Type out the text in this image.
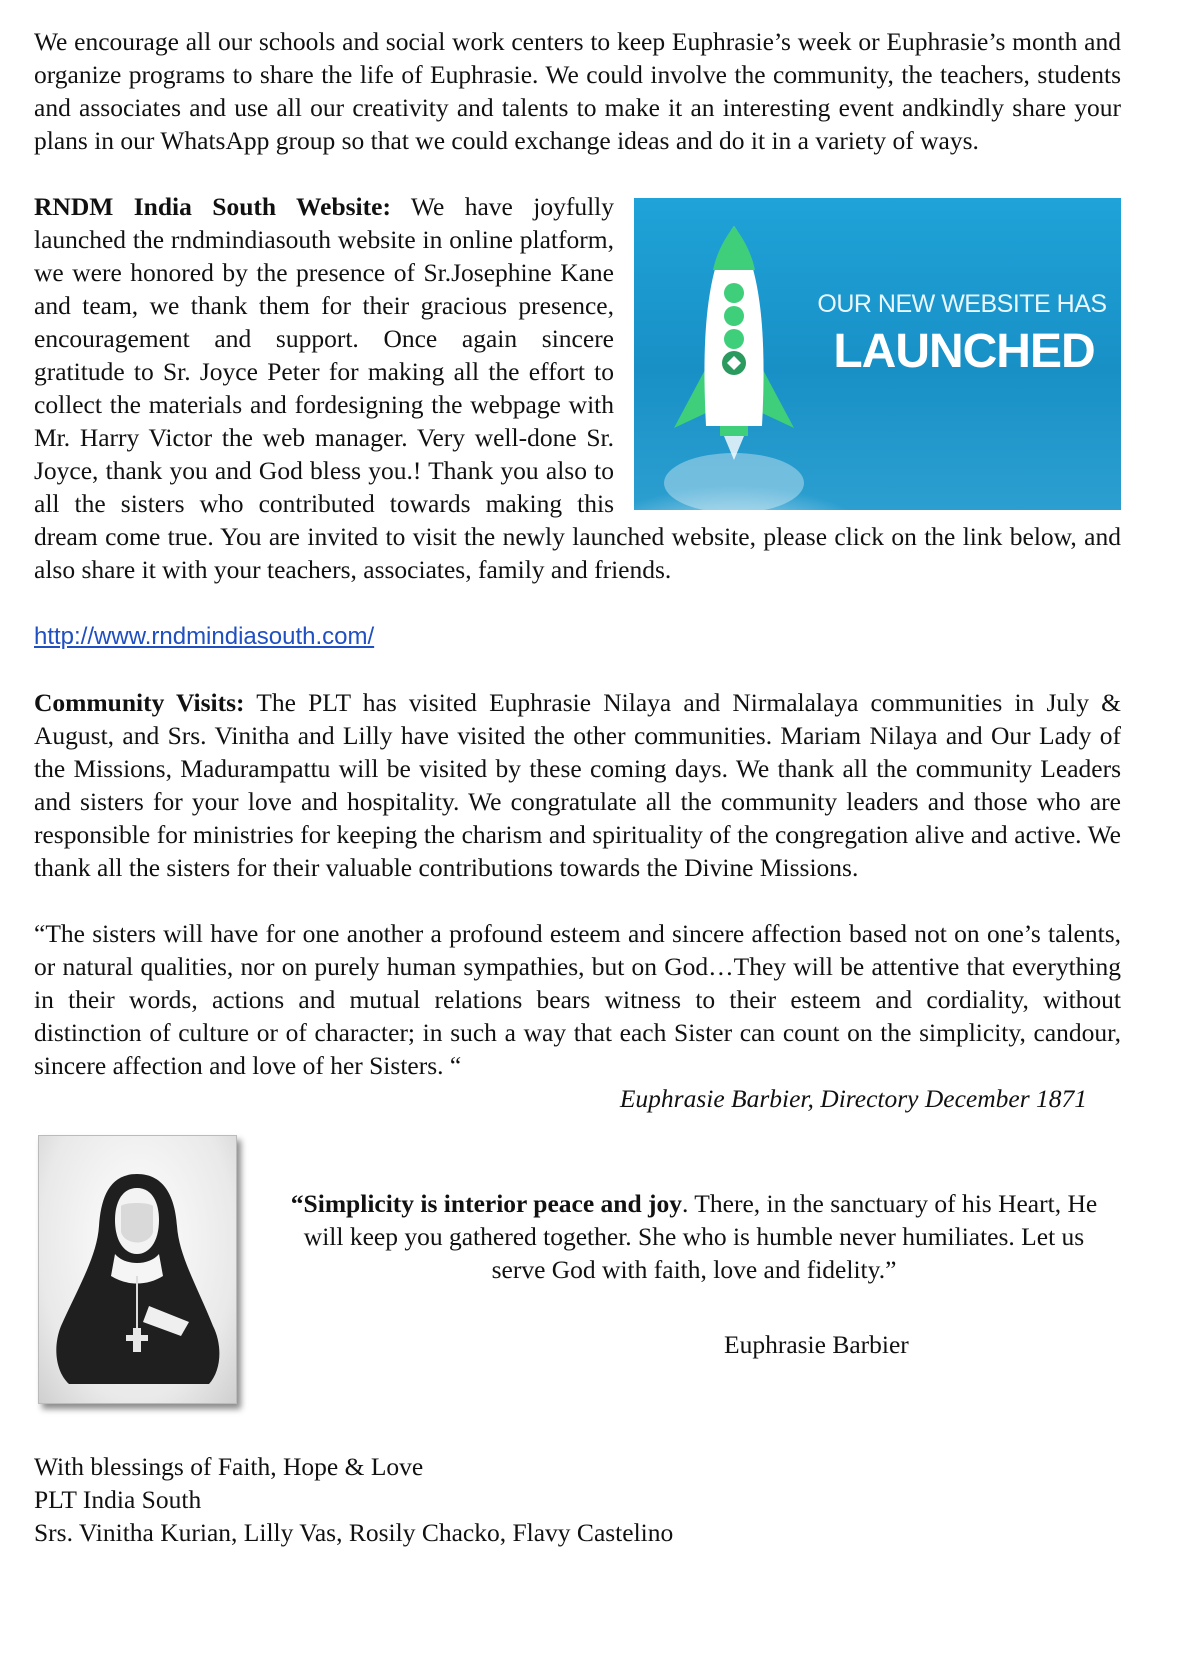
We encourage all our schools and social work centers to keep Euphrasie’s week or Euphrasie’s month and organize programs to share the life of Euphrasie. We could involve the community, the teachers, students and associates and use all our creativity and talents to make it an interesting event andkindly share your plans in our WhatsApp group so that we could exchange ideas and do it in a variety of ways.

OUR NEW WEBSITE HAS
LAUNCHED

RNDM India South Website: We have joyfully launched the rndmindiasouth website in online platform, we were honored by the presence of Sr.Josephine Kane and team, we thank them for their gracious presence, encouragement and support. Once again sincere gratitude to Sr. Joyce Peter for making all the effort to collect the materials and fordesigning the webpage with Mr. Harry Victor the web manager. Very well-done Sr. Joyce, thank you and God bless you.! Thank you also to all the sisters who contributed towards making this dream come true. You are invited to visit the newly launched website, please click on the link below, and also share it with your teachers, associates, family and friends.

http://www.rndmindiasouth.com/

Community Visits: The PLT has visited Euphrasie Nilaya and Nirmalalaya communities in July & August, and Srs. Vinitha and Lilly have visited the other communities. Mariam Nilaya and Our Lady of the Missions, Madurampattu will be visited by these coming days. We thank all the community Leaders and sisters for your love and hospitality. We congratulate all the community leaders and those who are responsible for ministries for keeping the charism and spirituality of the congregation alive and active. We thank all the sisters for their valuable contributions towards the Divine Missions.

“The sisters will have for one another a profound esteem and sincere affection based not on one’s talents, or natural qualities, nor on purely human sympathies, but on God…They will be attentive that everything in their words, actions and mutual relations bears witness to their esteem and cordiality, without distinction of culture or of character; in such a way that each Sister can count on the simplicity, candour, sincere affection and love of her Sisters. “

Euphrasie Barbier, Directory December 1871

“Simplicity is interior peace and joy. There, in the sanctuary of his Heart, He will keep you gathered together. She who is humble never humiliates. Let us serve God with faith, love and fidelity.”

Euphrasie Barbier

With blessings of Faith, Hope & Love

PLT India South

Srs. Vinitha Kurian, Lilly Vas, Rosily Chacko, Flavy Castelino
